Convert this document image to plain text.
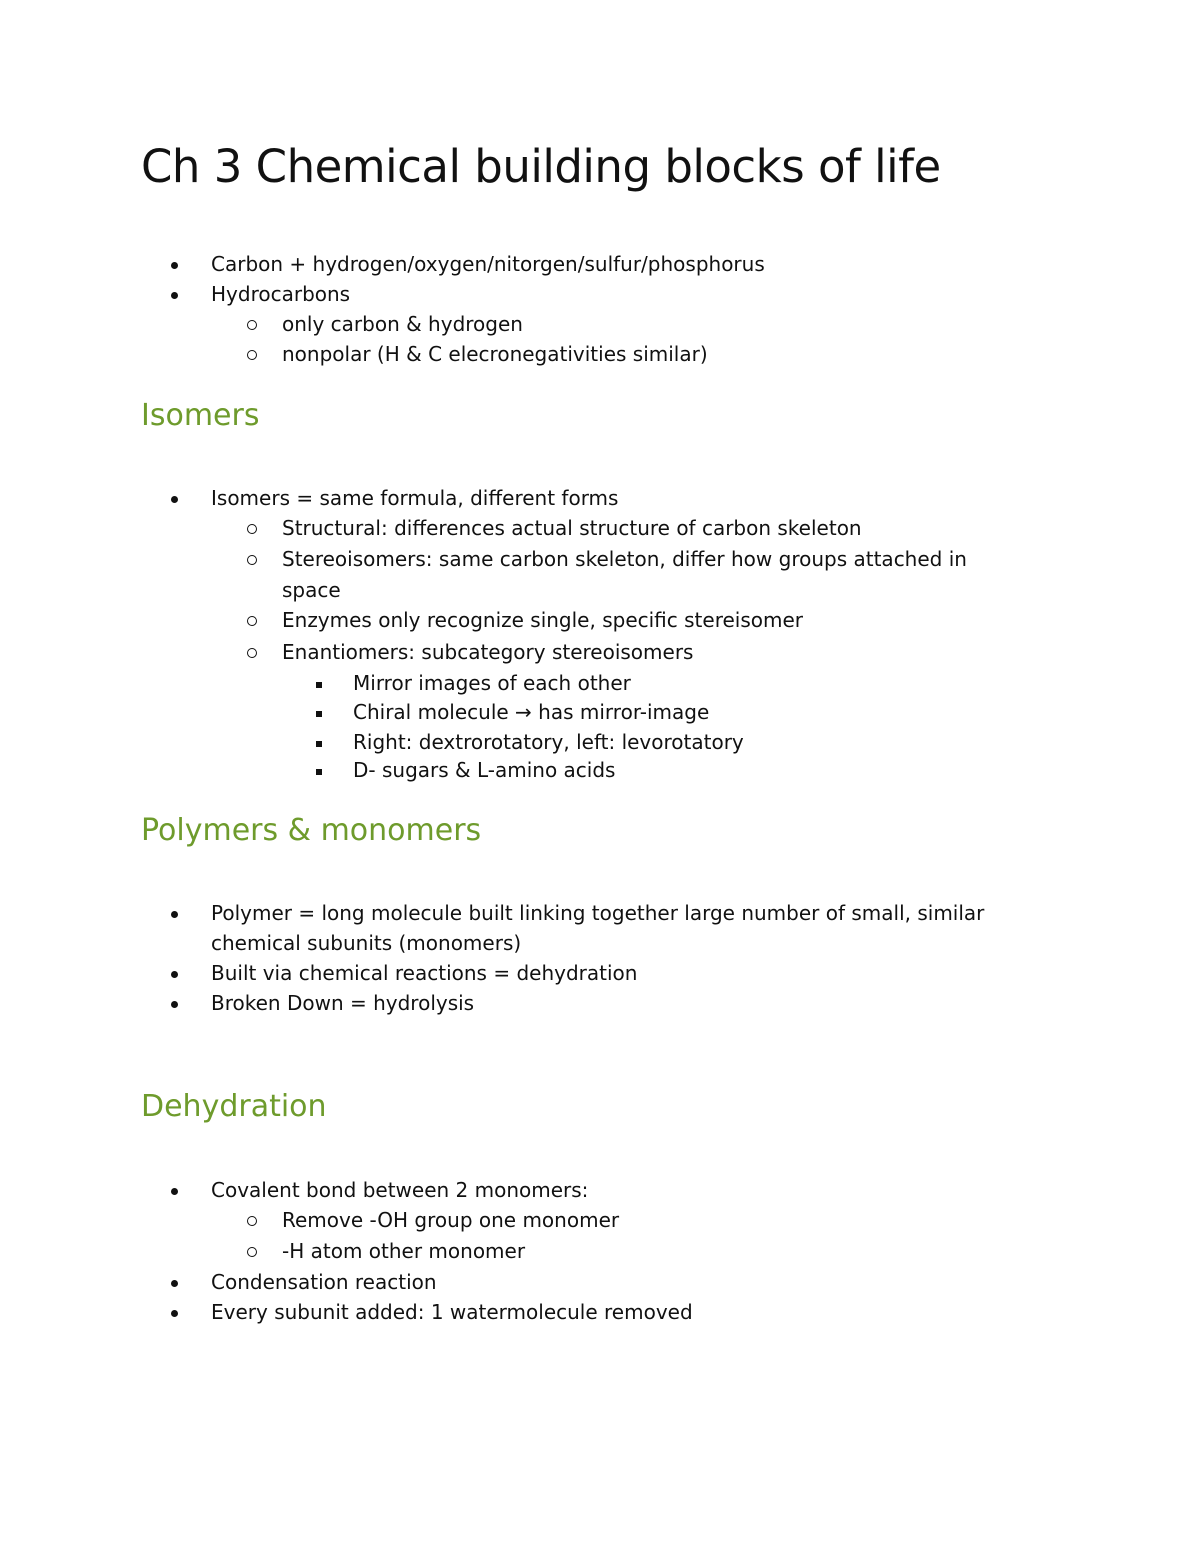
Ch 3 Chemical building blocks of life

Carbon + hydrogen/oxygen/nitorgen/sulfur/phosphorus

Hydrocarbons

only carbon & hydrogen

nonpolar (H & C elecronegativities similar)

Isomers

Isomers = same formula, different forms

Structural: differences actual structure of carbon skeleton

Stereoisomers: same carbon skeleton, differ how groups attached in

space

Enzymes only recognize single, specific stereisomer

Enantiomers: subcategory stereoisomers

Mirror images of each other

Chiral molecule → has mirror-image

Right: dextrorotatory, left: levorotatory

D- sugars & L-amino acids

Polymers & monomers

Polymer = long molecule built linking together large number of small, similar

chemical subunits (monomers)

Built via chemical reactions = dehydration

Broken Down = hydrolysis

Dehydration

Covalent bond between 2 monomers:

Remove -OH group one monomer

-H atom other monomer

Condensation reaction

Every subunit added: 1 watermolecule removed
